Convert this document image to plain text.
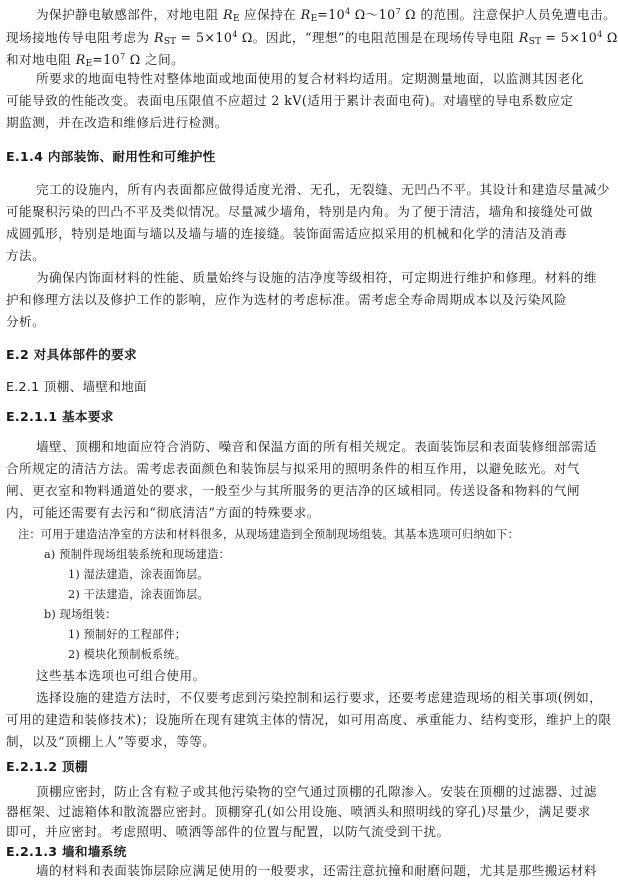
为保护静电敏感部件，对地电阻 $R_E$ 应保持在 $R_E=10^4$ $\Omega\sim 10^7$ Ω 的范围。注意保护人员免遭电击。
现场接地传导电阻考虑为 $R_{ST} = 5\times 10^4$ Ω。因此，“理想”的电阻范围是在现场传导电阻 $R_{ST} = 5\times 10^4$ Ω
和对地电阻 $R_E=10^7$ Ω 之间。
所要求的地面电特性对整体地面或地面使用的复合材料均适用。定期测量地面，以监测其因老化
可能导致的性能改变。表面电压限值不应超过 2 kV(适用于累计表面电荷)。对墙壁的导电系数应定
期监测，并在改造和维修后进行检测。
E.1.4 内部装饰、耐用性和可维护性
完工的设施内，所有内表面都应做得适度光滑、无孔，无裂缝、无凹凸不平。其设计和建造尽量减少
可能聚积污染的凹凸不平及类似情况。尽量减少墙角，特别是内角。为了便于清洁，墙角和接缝处可做
成圆弧形，特别是地面与墙以及墙与墙的连接缝。装饰面需适应拟采用的机械和化学的清洁及消毒
方法。
为确保内饰面材料的性能、质量始终与设施的洁净度等级相符，可定期进行维护和修理。材料的维
护和修理方法以及修护工作的影响，应作为选材的考虑标准。需考虑全寿命周期成本以及污染风险
分析。
E.2 对具体部件的要求
E.2.1 顶棚、墙壁和地面
E.2.1.1 基本要求
墙壁、顶棚和地面应符合消防、噪音和保温方面的所有相关规定。表面装饰层和表面装修细部需适
合所规定的清洁方法。需考虑表面颜色和装饰层与拟采用的照明条件的相互作用，以避免眩光。对气
闸、更衣室和物料通道处的要求，一般至少与其所服务的更洁净的区域相同。传送设备和物料的气闸
内，可能还需要有去污和“彻底清洁”方面的特殊要求。
注：可用于建造洁净室的方法和材料很多，从现场建造到全预制现场组装。其基本选项可归纳如下：
a) 预制件现场组装系统和现场建造：
1) 湿法建造，涂表面饰层。
2) 干法建造，涂表面饰层。
b) 现场组装：
1) 预制好的工程部件；
2) 模块化预制板系统。
这些基本选项也可组合使用。
选择设施的建造方法时，不仅要考虑到污染控制和运行要求，还要考虑建造现场的相关事项(例如，
可用的建造和装修技术)；设施所在现有建筑主体的情况，如可用高度、承重能力、结构变形，维护上的限
制，以及“顶棚上人”等要求，等等。
E.2.1.2 顶棚
顶棚应密封，防止含有粒子或其他污染物的空气通过顶棚的孔隙渗入。安装在顶棚的过滤器、过滤
器框架、过滤箱体和散流器应密封。顶棚穿孔(如公用设施、喷洒头和照明线的穿孔)尽量少，满足要求
即可，并应密封。考虑照明、喷洒等部件的位置与配置，以防气流受到干扰。
E.2.1.3 墙和墙系统
墙的材料和表面装饰层除应满足使用的一般要求，还需注意抗撞和耐磨问题，尤其是那些搬运材料
